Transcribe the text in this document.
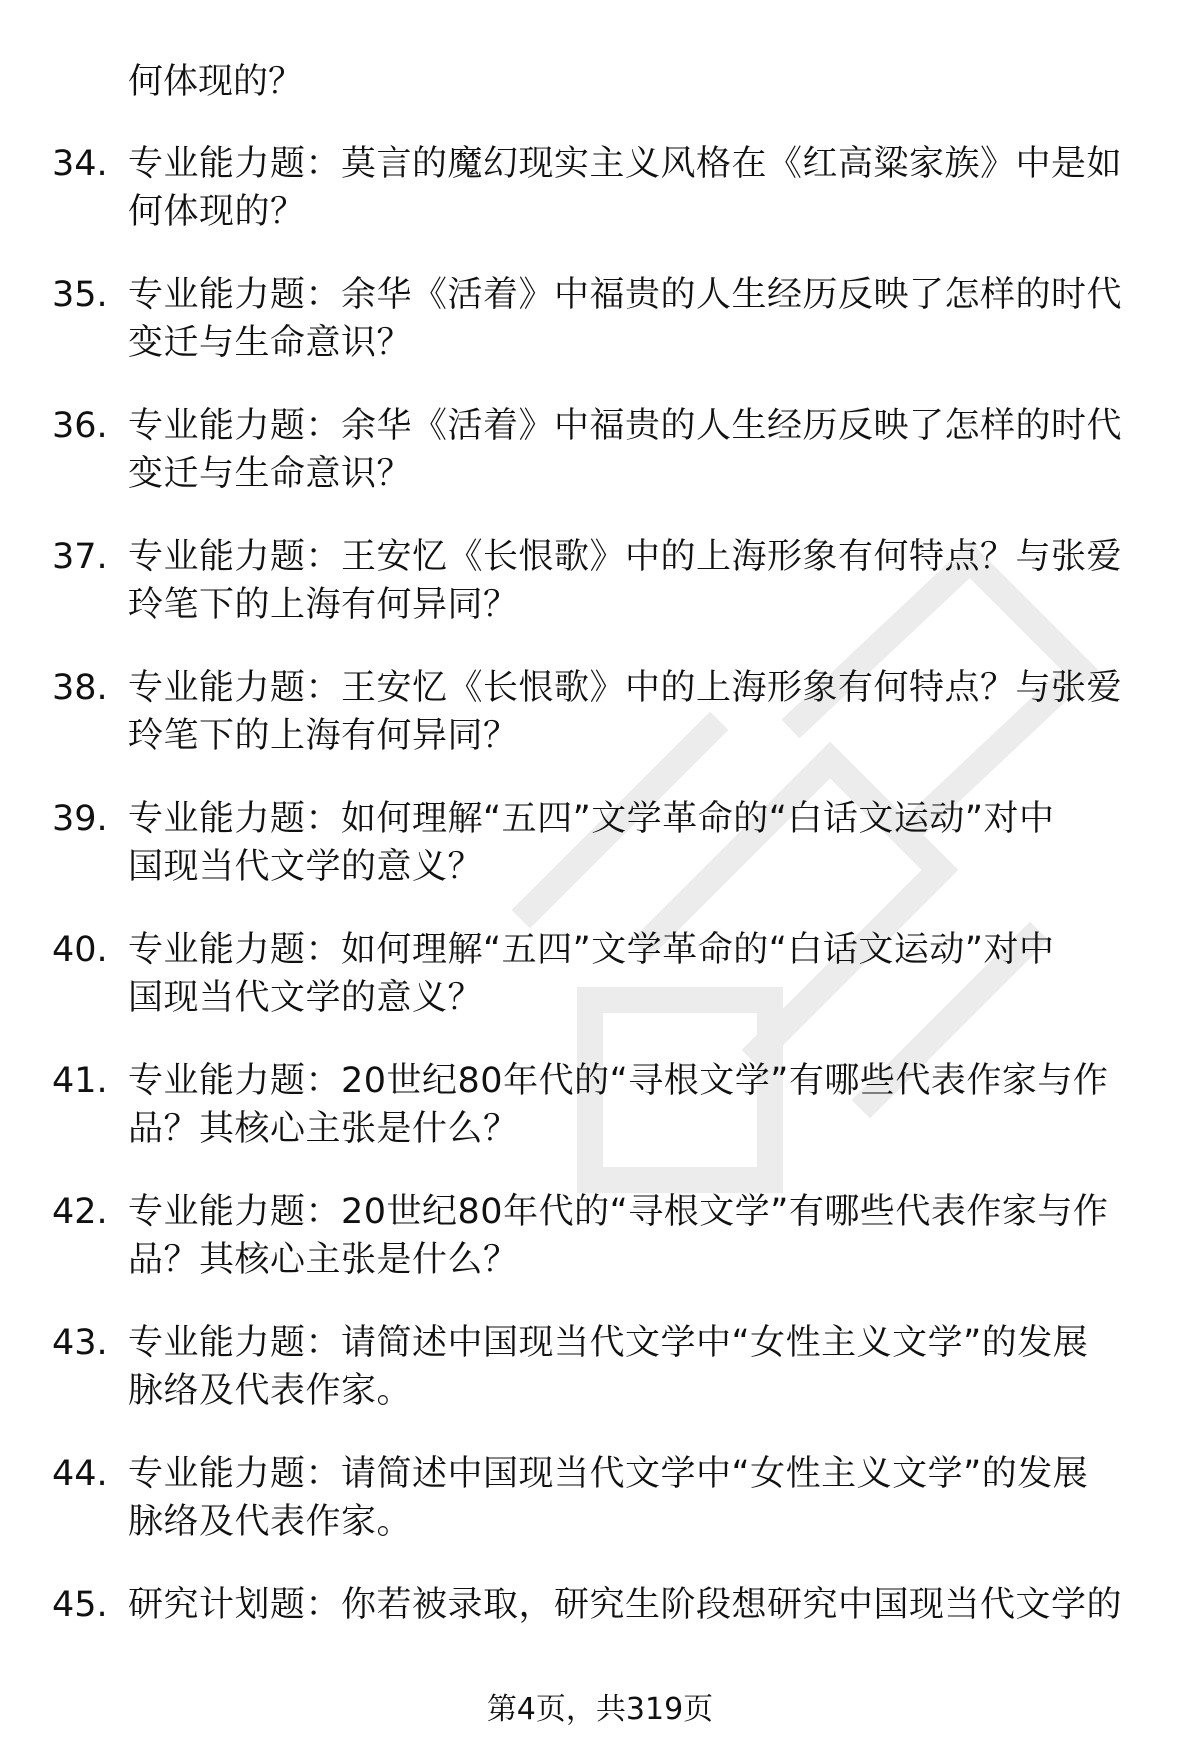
何体现的？
34. 专业能力题：莫言的魔幻现实主义风格在《红高粱家族》中是如
何体现的？
35. 专业能力题：余华《活着》中福贵的人生经历反映了怎样的时代
变迁与生命意识？
36. 专业能力题：余华《活着》中福贵的人生经历反映了怎样的时代
变迁与生命意识？
37. 专业能力题：王安忆《长恨歌》中的上海形象有何特点？与张爱
玲笔下的上海有何异同？
38. 专业能力题：王安忆《长恨歌》中的上海形象有何特点？与张爱
玲笔下的上海有何异同？
39. 专业能力题：如何理解“五四”文学革命的“白话文运动”对中
国现当代文学的意义？
40. 专业能力题：如何理解“五四”文学革命的“白话文运动”对中
国现当代文学的意义？
41. 专业能力题：20世纪80年代的“寻根文学”有哪些代表作家与作
品？其核心主张是什么？
42. 专业能力题：20世纪80年代的“寻根文学”有哪些代表作家与作
品？其核心主张是什么？
43. 专业能力题：请简述中国现当代文学中“女性主义文学”的发展
脉络及代表作家。
44. 专业能力题：请简述中国现当代文学中“女性主义文学”的发展
脉络及代表作家。
45. 研究计划题：你若被录取，研究生阶段想研究中国现当代文学的
第4页，共319页
